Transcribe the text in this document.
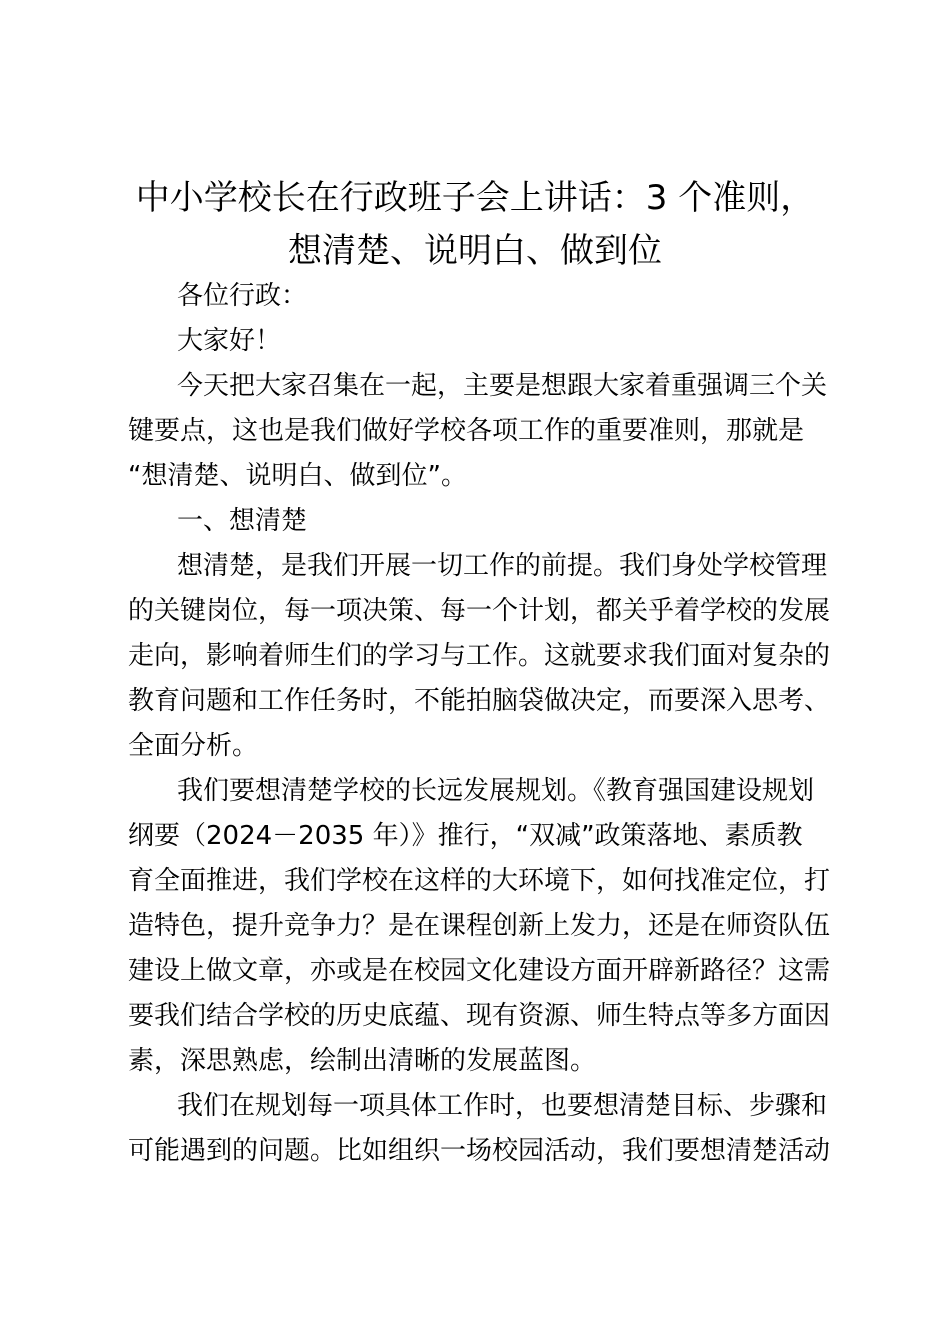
中小学校长在行政班子会上讲话：3 个准则，
想清楚、说明白、做到位
各位行政：
大家好！
今天把大家召集在一起，主要是想跟大家着重强调三个关
键要点，这也是我们做好学校各项工作的重要准则，那就是
“想清楚、说明白、做到位”。
一、想清楚
想清楚，是我们开展一切工作的前提。我们身处学校管理
的关键岗位，每一项决策、每一个计划，都关乎着学校的发展
走向，影响着师生们的学习与工作。这就要求我们面对复杂的
教育问题和工作任务时，不能拍脑袋做决定，而要深入思考、
全面分析。
我们要想清楚学校的长远发展规划。《教育强国建设规划
纲要（2024－2035 年）》推行，“双减”政策落地、素质教
育全面推进，我们学校在这样的大环境下，如何找准定位，打
造特色，提升竞争力？是在课程创新上发力，还是在师资队伍
建设上做文章，亦或是在校园文化建设方面开辟新路径？这需
要我们结合学校的历史底蕴、现有资源、师生特点等多方面因
素，深思熟虑，绘制出清晰的发展蓝图。
我们在规划每一项具体工作时，也要想清楚目标、步骤和
可能遇到的问题。比如组织一场校园活动，我们要想清楚活动
